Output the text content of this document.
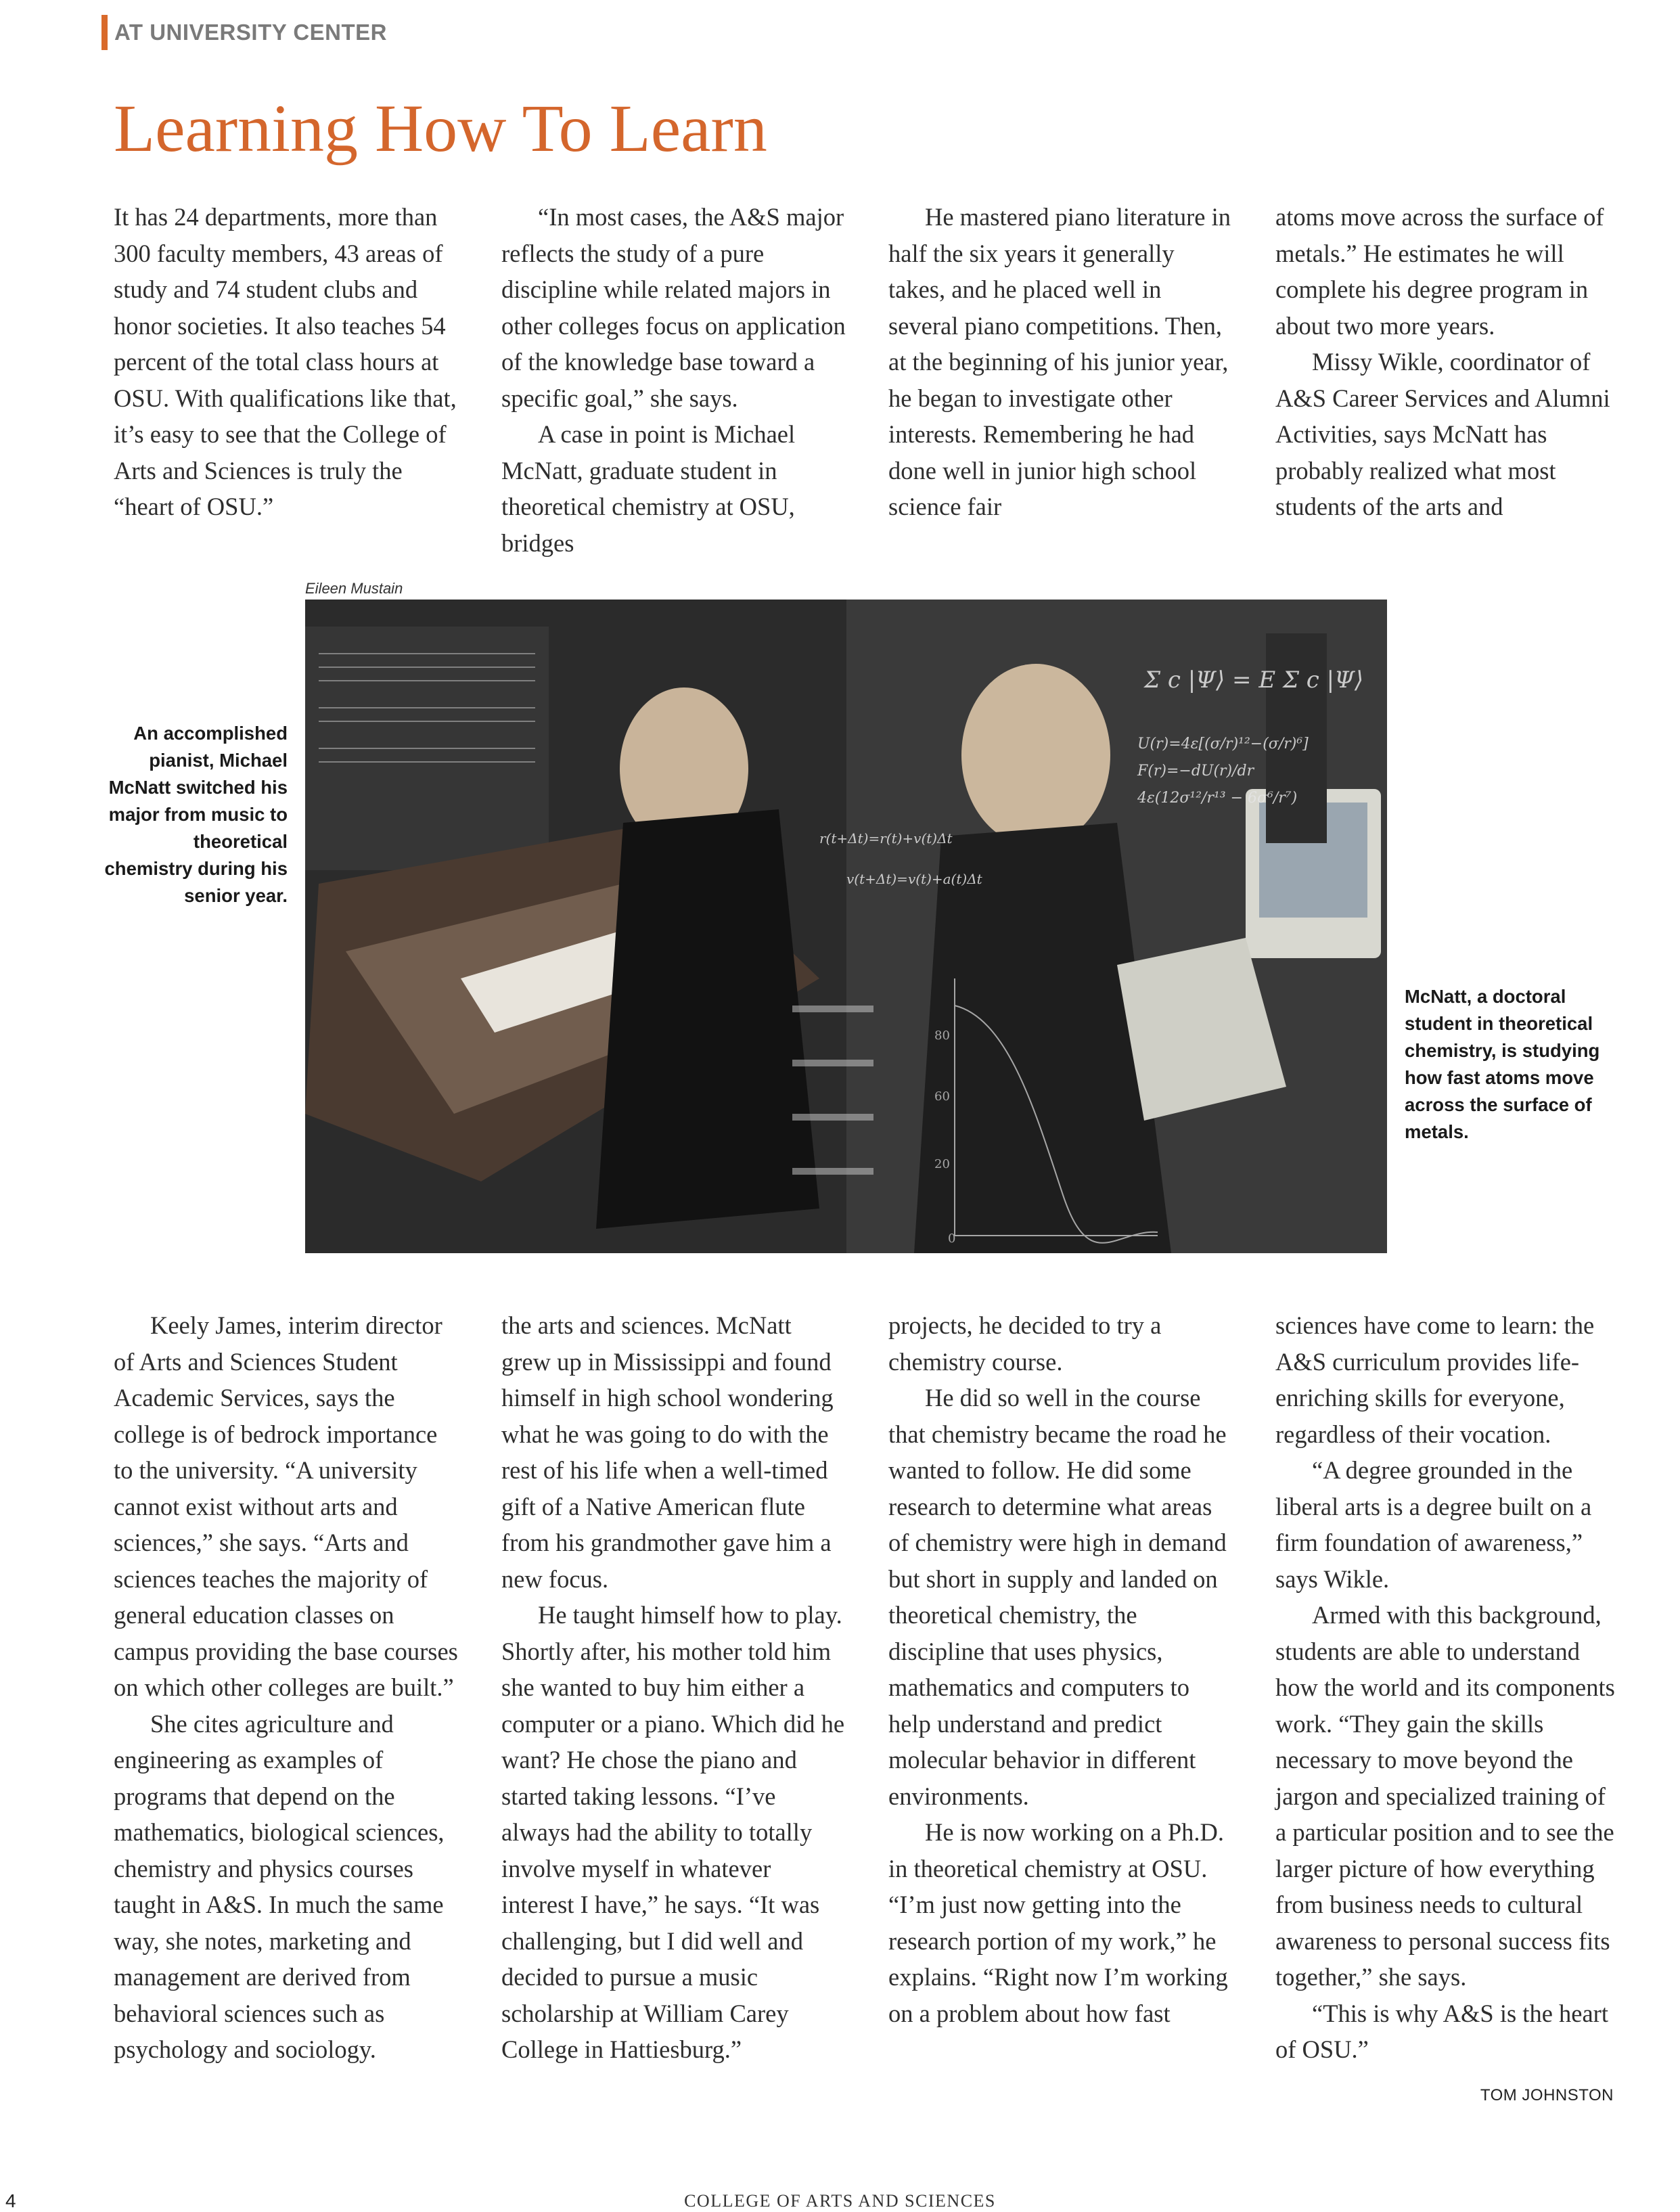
AT UNIVERSITY CENTER
Learning How To Learn

It has 24 departments, more than 300 faculty members, 43 areas of study and 74 student clubs and honor societies. It also teaches 54 percent of the total class hours at OSU. With qualifications like that, it’s easy to see that the College of Arts and Sciences is truly the “heart of OSU.”

“In most cases, the A&S major reflects the study of a pure discipline while related majors in other colleges focus on application of the knowledge base toward a specific goal,” she says.

A case in point is Michael McNatt, graduate student in theoretical chemistry at OSU, bridges

He mastered piano literature in half the six years it generally takes, and he placed well in several piano competitions. Then, at the beginning of his junior year, he began to investigate other interests. Remembering he had done well in junior high school science fair

atoms move across the surface of metals.” He estimates he will complete his degree program in about two more years.

Missy Wikle, coordinator of A&S Career Services and Alumni Activities, says McNatt has probably realized what most students of the arts and

Eileen Mustain
Σ c |Ψ⟩ = E Σ c |Ψ⟩
U(r)=4ε[(σ/r)¹²−(σ/r)⁶]
F(r)=−dU(r)/dr
4ε(12σ¹²/r¹³ − 6σ⁶/r⁷)
r(t+Δt)=r(t)+v(t)Δt
v(t+Δt)=v(t)+a(t)Δt
80
60
20
0
An accomplished pianist, Michael McNatt switched his major from music to theoretical chemistry during his senior year.
McNatt, a doctoral student in theoretical chemistry, is studying how fast atoms move across the surface of metals.

Keely James, interim director of Arts and Sciences Student Academic Services, says the college is of bedrock importance to the university. “A university cannot exist without arts and sciences,” she says. “Arts and sciences teaches the majority of general education classes on campus providing the base courses on which other colleges are built.”

She cites agriculture and engineering as examples of programs that depend on the mathematics, biological sciences, chemistry and physics courses taught in A&S. In much the same way, she notes, marketing and management are derived from behavioral sciences such as psychology and sociology.

the arts and sciences. McNatt grew up in Mississippi and found himself in high school wondering what he was going to do with the rest of his life when a well-timed gift of a Native American flute from his grandmother gave him a new focus.

He taught himself how to play. Shortly after, his mother told him she wanted to buy him either a computer or a piano. Which did he want? He chose the piano and started taking lessons. “I’ve always had the ability to totally involve myself in whatever interest I have,” he says. “It was challenging, but I did well and decided to pursue a music scholarship at William Carey College in Hattiesburg.”

projects, he decided to try a chemistry course.

He did so well in the course that chemistry became the road he wanted to follow. He did some research to determine what areas of chemistry were high in demand but short in supply and landed on theoretical chemistry, the discipline that uses physics, mathematics and computers to help understand and predict molecular behavior in different environments.

He is now working on a Ph.D. in theoretical chemistry at OSU. “I’m just now getting into the research portion of my work,” he explains. “Right now I’m working on a problem about how fast

sciences have come to learn: the A&S curriculum provides life-enriching skills for everyone, regardless of their vocation.

“A degree grounded in the liberal arts is a degree built on a firm foundation of awareness,” says Wikle.

Armed with this background, students are able to understand how the world and its components work. “They gain the skills necessary to move beyond the jargon and specialized training of a particular position and to see the larger picture of how everything from business needs to cultural awareness to personal success fits together,” she says.

“This is why A&S is the heart of OSU.”

TOM JOHNSTON
4	COLLEGE OF ARTS AND SCIENCES
